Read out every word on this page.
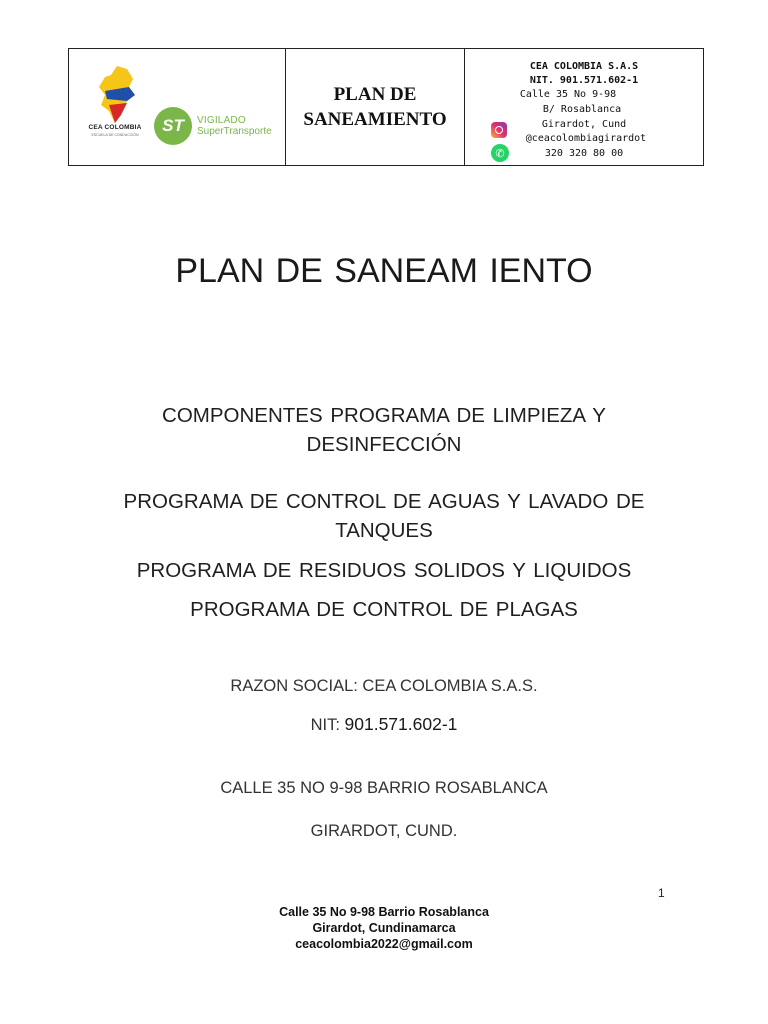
CEA COLOMBIA
ESCUELA DE CONDUCCIÓN	ST	VIGILADO
SuperTransporte
PLAN DE
SANEAMIENTO
CEA COLOMBIA S.A.S
NIT. 901.571.602-1
Calle 35 No 9-98
B/ Rosablanca
Girardot, Cund
@ceacolombiagirardot
✆	320 320 80 00
PLAN DE SANEAM IENTO
COMPONENTES PROGRAMA DE LIMPIEZA Y DESINFECCIÓN
PROGRAMA DE CONTROL DE AGUAS Y LAVADO DE TANQUES
PROGRAMA DE RESIDUOS SOLIDOS Y LIQUIDOS
PROGRAMA DE CONTROL DE PLAGAS
RAZON SOCIAL: CEA COLOMBIA S.A.S.
NIT: 901.571.602-1
CALLE 35 NO 9-98 BARRIO ROSABLANCA
GIRARDOT, CUND.
1
Calle 35 No 9-98 Barrio Rosablanca
Girardot, Cundinamarca
ceacolombia2022@gmail.com
